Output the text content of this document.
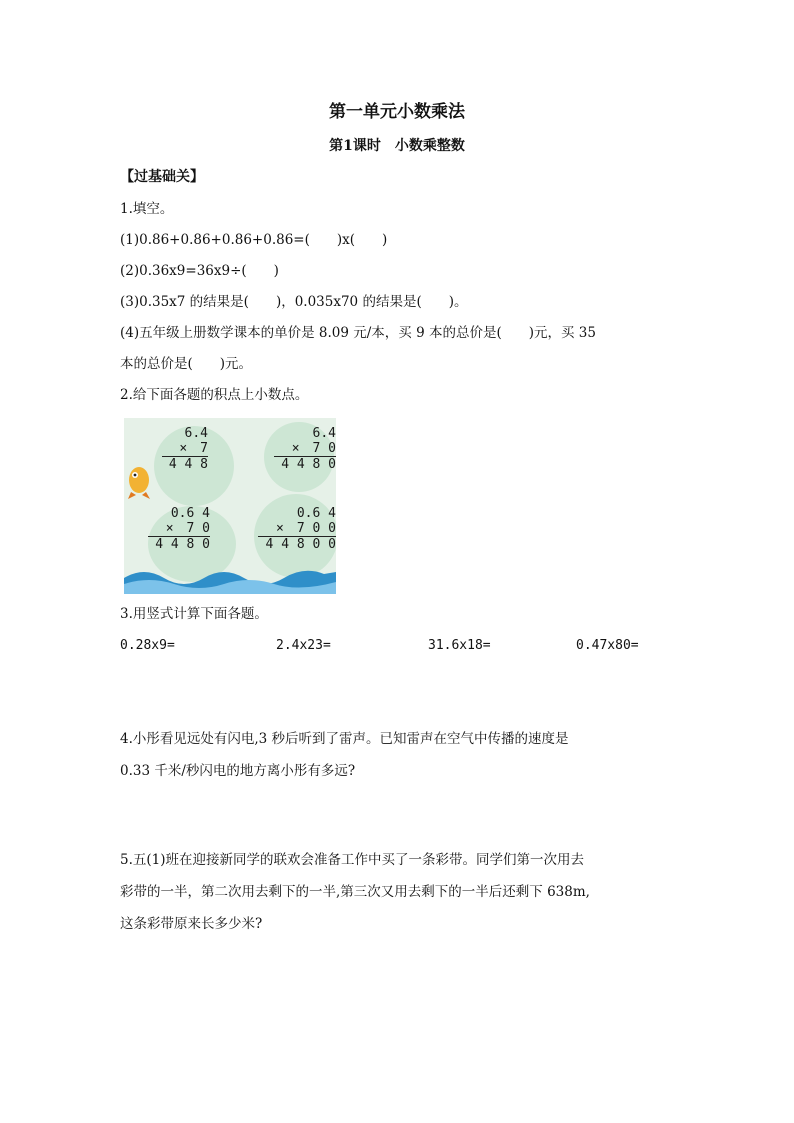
第一单元小数乘法
第1课时　小数乘整数
【过基础关】
1.填空。
(1)0.86+0.86+0.86+0.86=(　　)x(　　)
(2)0.36x9=36x9÷(　　)
(3)0.35x7 的结果是(　　)，0.035x70 的结果是(　　)。
(4)五年级上册数学课本的单价是 8.09 元/本，买 9 本的总价是(　　)元，买 35
本的总价是(　　)元。
2.给下面各题的积点上小数点。
6.4
×　7
4 4 8
6.4
×　7 0
4 4 8 0
0.6 4
×　7 0
4 4 8 0
0.6 4
×　7 0 0
4 4 8 0 0
3.用竖式计算下面各题。
0.28x9=	2.4x23=	31.6x18=	0.47x80=
4.小彤看见远处有闪电,3 秒后听到了雷声。已知雷声在空气中传播的速度是
0.33 千米/秒闪电的地方离小彤有多远?
5.五(1)班在迎接新同学的联欢会准备工作中买了一条彩带。同学们第一次用去
彩带的一半，第二次用去剩下的一半,第三次又用去剩下的一半后还剩下 638m,
这条彩带原来长多少米?
